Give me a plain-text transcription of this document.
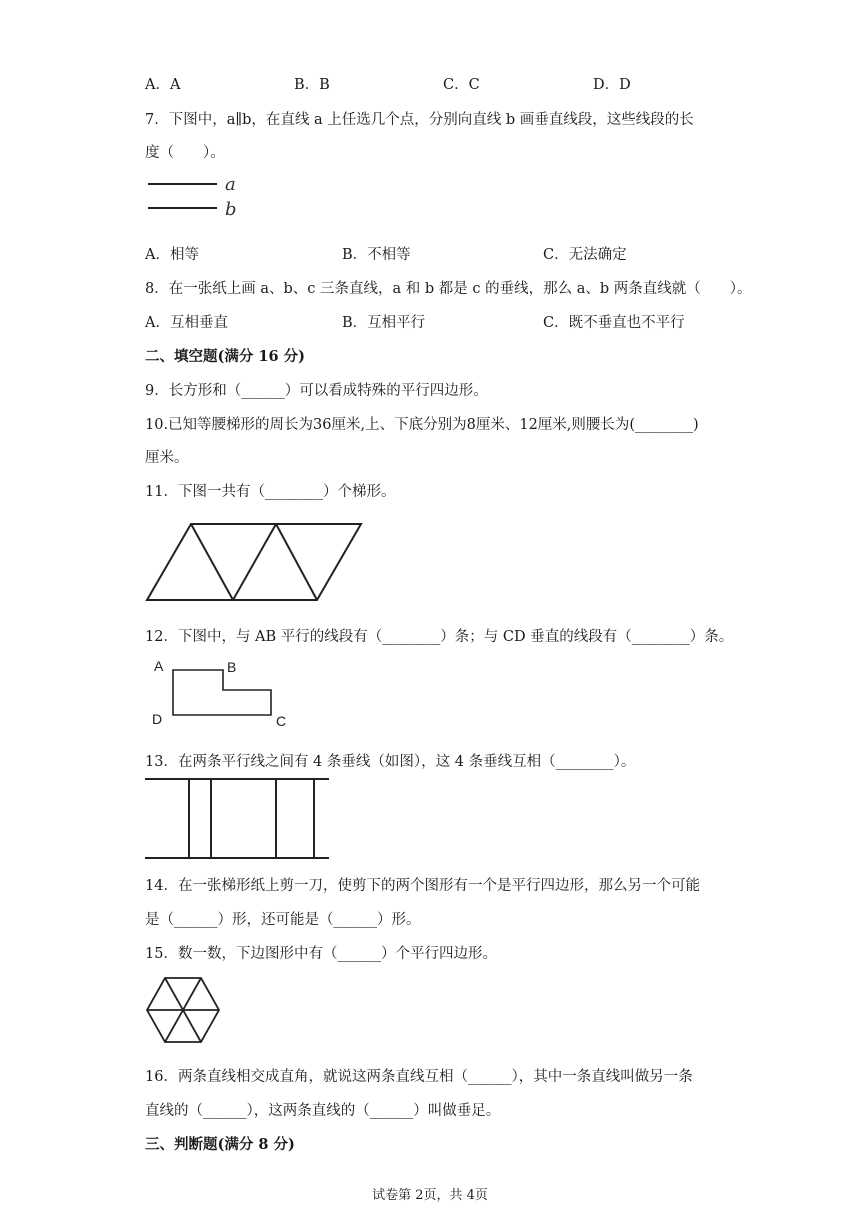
A．A	B．B	C．C	D．D
7．下图中，a∥b，在直线 a 上任选几个点，分别向直线 b 画垂直线段，这些线段的长
度（　　）。
a
b
A．相等	B．不相等	C．无法确定
8．在一张纸上画 a、b、c 三条直线，a 和 b 都是 c 的垂线，那么 a、b 两条直线就（　　）。
A．互相垂直	B．互相平行	C．既不垂直也不平行
二、填空题(满分 16 分)
9．长方形和（______）可以看成特殊的平行四边形。
10.已知等腰梯形的周长为36厘米,上、下底分别为8厘米、12厘米,则腰长为(________)
厘米。
11．下图一共有（________）个梯形。
12．下图中，与 AB 平行的线段有（________）条；与 CD 垂直的线段有（________）条。
A	B
D	C
13．在两条平行线之间有 4 条垂线（如图），这 4 条垂线互相（________）。
14．在一张梯形纸上剪一刀，使剪下的两个图形有一个是平行四边形，那么另一个可能
是（______）形，还可能是（______）形。
15．数一数，下边图形中有（______）个平行四边形。
16．两条直线相交成直角，就说这两条直线互相（______），其中一条直线叫做另一条
直线的（______），这两条直线的（______）叫做垂足。
三、判断题(满分 8 分)
试卷第 2页，共 4页
